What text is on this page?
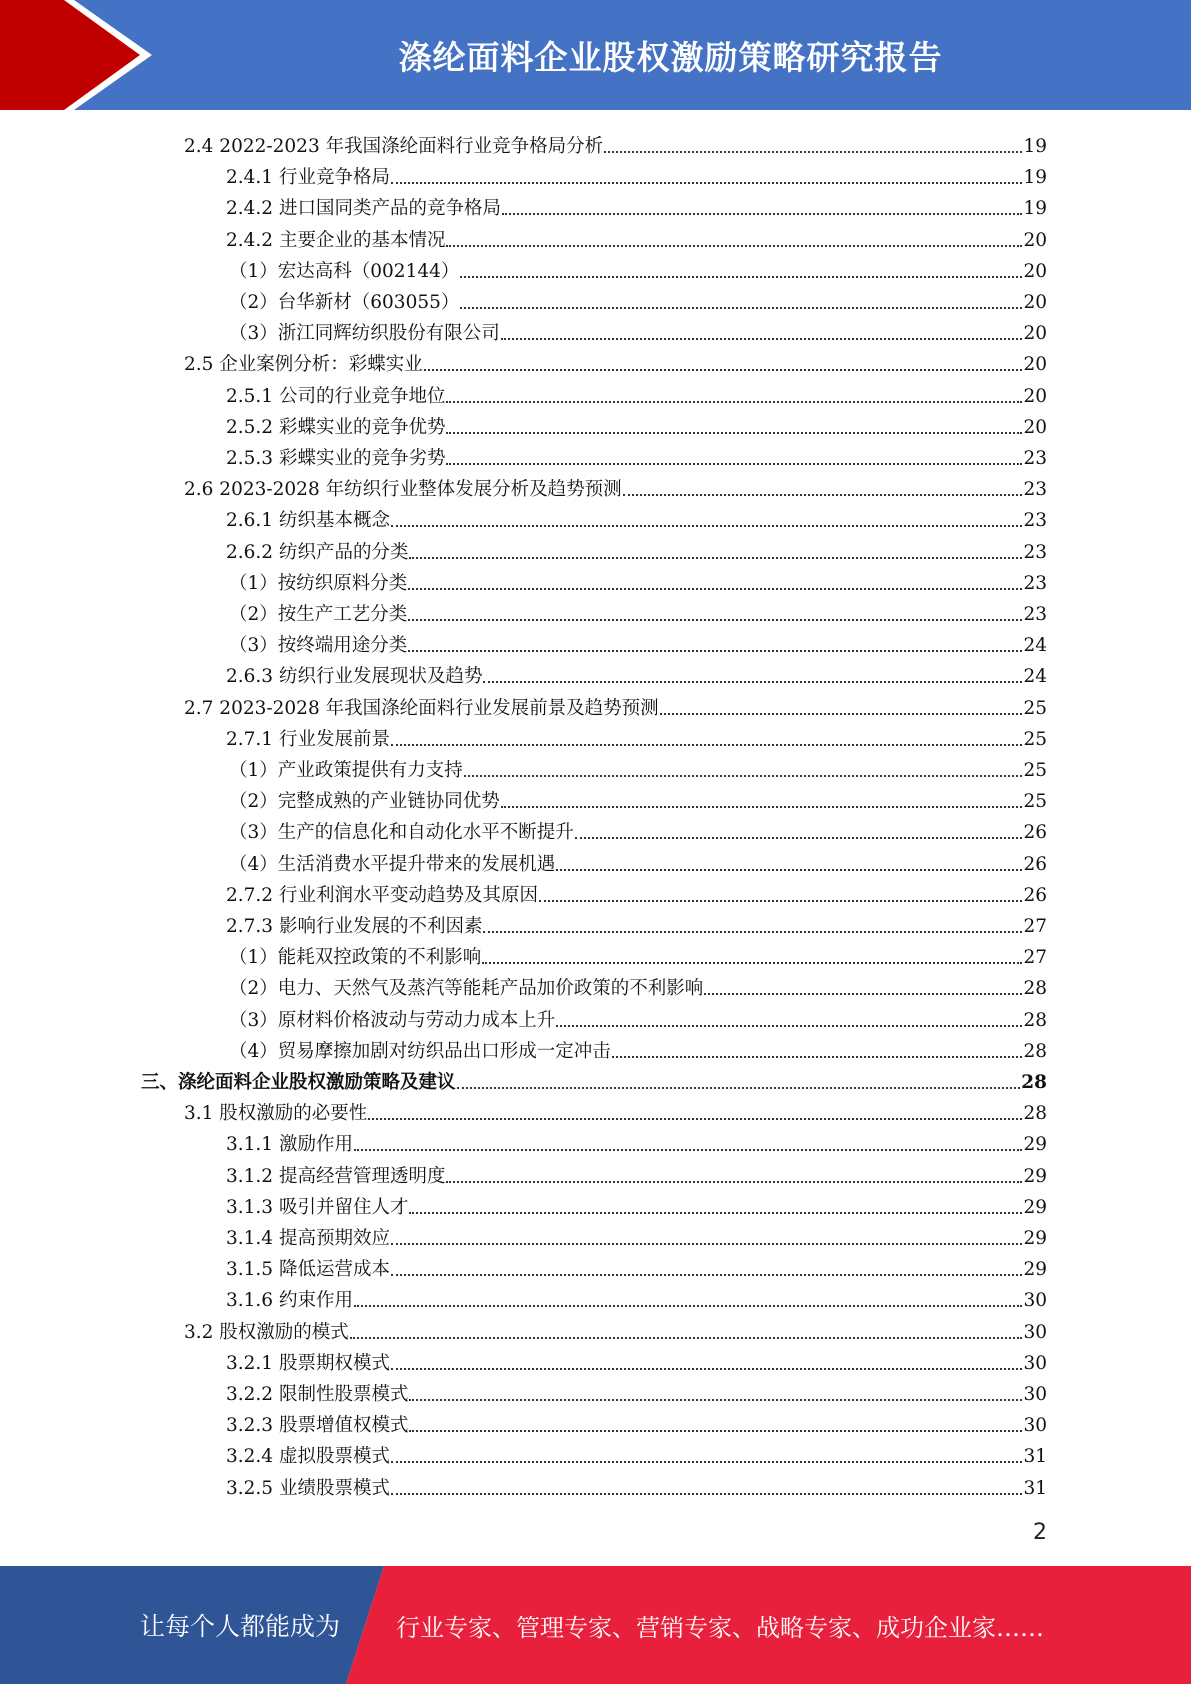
涤纶面料企业股权激励策略研究报告
2.4 2022-2023 年我国涤纶面料行业竞争格局分析	19
2.4.1 行业竞争格局	19
2.4.2 进口国同类产品的竞争格局	19
2.4.2 主要企业的基本情况	20
（1）宏达高科（002144）	20
（2）台华新材（603055）	20
（3）浙江同辉纺织股份有限公司	20
2.5 企业案例分析：彩蝶实业	20
2.5.1 公司的行业竞争地位	20
2.5.2 彩蝶实业的竞争优势	20
2.5.3 彩蝶实业的竞争劣势	23
2.6 2023-2028 年纺织行业整体发展分析及趋势预测	23
2.6.1 纺织基本概念	23
2.6.2 纺织产品的分类	23
（1）按纺织原料分类	23
（2）按生产工艺分类	23
（3）按终端用途分类	24
2.6.3 纺织行业发展现状及趋势	24
2.7 2023-2028 年我国涤纶面料行业发展前景及趋势预测	25
2.7.1 行业发展前景	25
（1）产业政策提供有力支持	25
（2）完整成熟的产业链协同优势	25
（3）生产的信息化和自动化水平不断提升	26
（4）生活消费水平提升带来的发展机遇	26
2.7.2 行业利润水平变动趋势及其原因	26
2.7.3 影响行业发展的不利因素	27
（1）能耗双控政策的不利影响	27
（2）电力、天然气及蒸汽等能耗产品加价政策的不利影响	28
（3）原材料价格波动与劳动力成本上升	28
（4）贸易摩擦加剧对纺织品出口形成一定冲击	28
三、涤纶面料企业股权激励策略及建议	28
3.1 股权激励的必要性	28
3.1.1 激励作用	29
3.1.2 提高经营管理透明度	29
3.1.3 吸引并留住人才	29
3.1.4 提高预期效应	29
3.1.5 降低运营成本	29
3.1.6 约束作用	30
3.2 股权激励的模式	30
3.2.1 股票期权模式	30
3.2.2 限制性股票模式	30
3.2.3 股票增值权模式	30
3.2.4 虚拟股票模式	31
3.2.5 业绩股票模式	31
2
让每个人都能成为 行业专家、管理专家、营销专家、战略专家、成功企业家……
